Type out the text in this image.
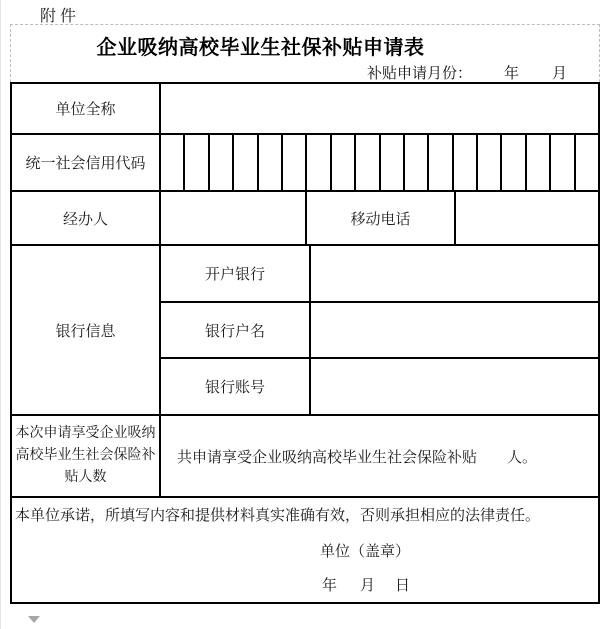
附件
企业吸纳高校毕业生社保补贴申请表
补贴申请月份： 年 月
单位全称
统一社会信用代码
经办人	移动电话
银行信息
开户银行
银行户名
银行账号
本次申请享受企业吸纳高校毕业生社会保险补贴人数
共申请享受企业吸纳高校毕业生社会保险补贴　　人。
本单位承诺，所填写内容和提供材料真实准确有效，否则承担相应的法律责任。
单位（盖章）
年 月 日
